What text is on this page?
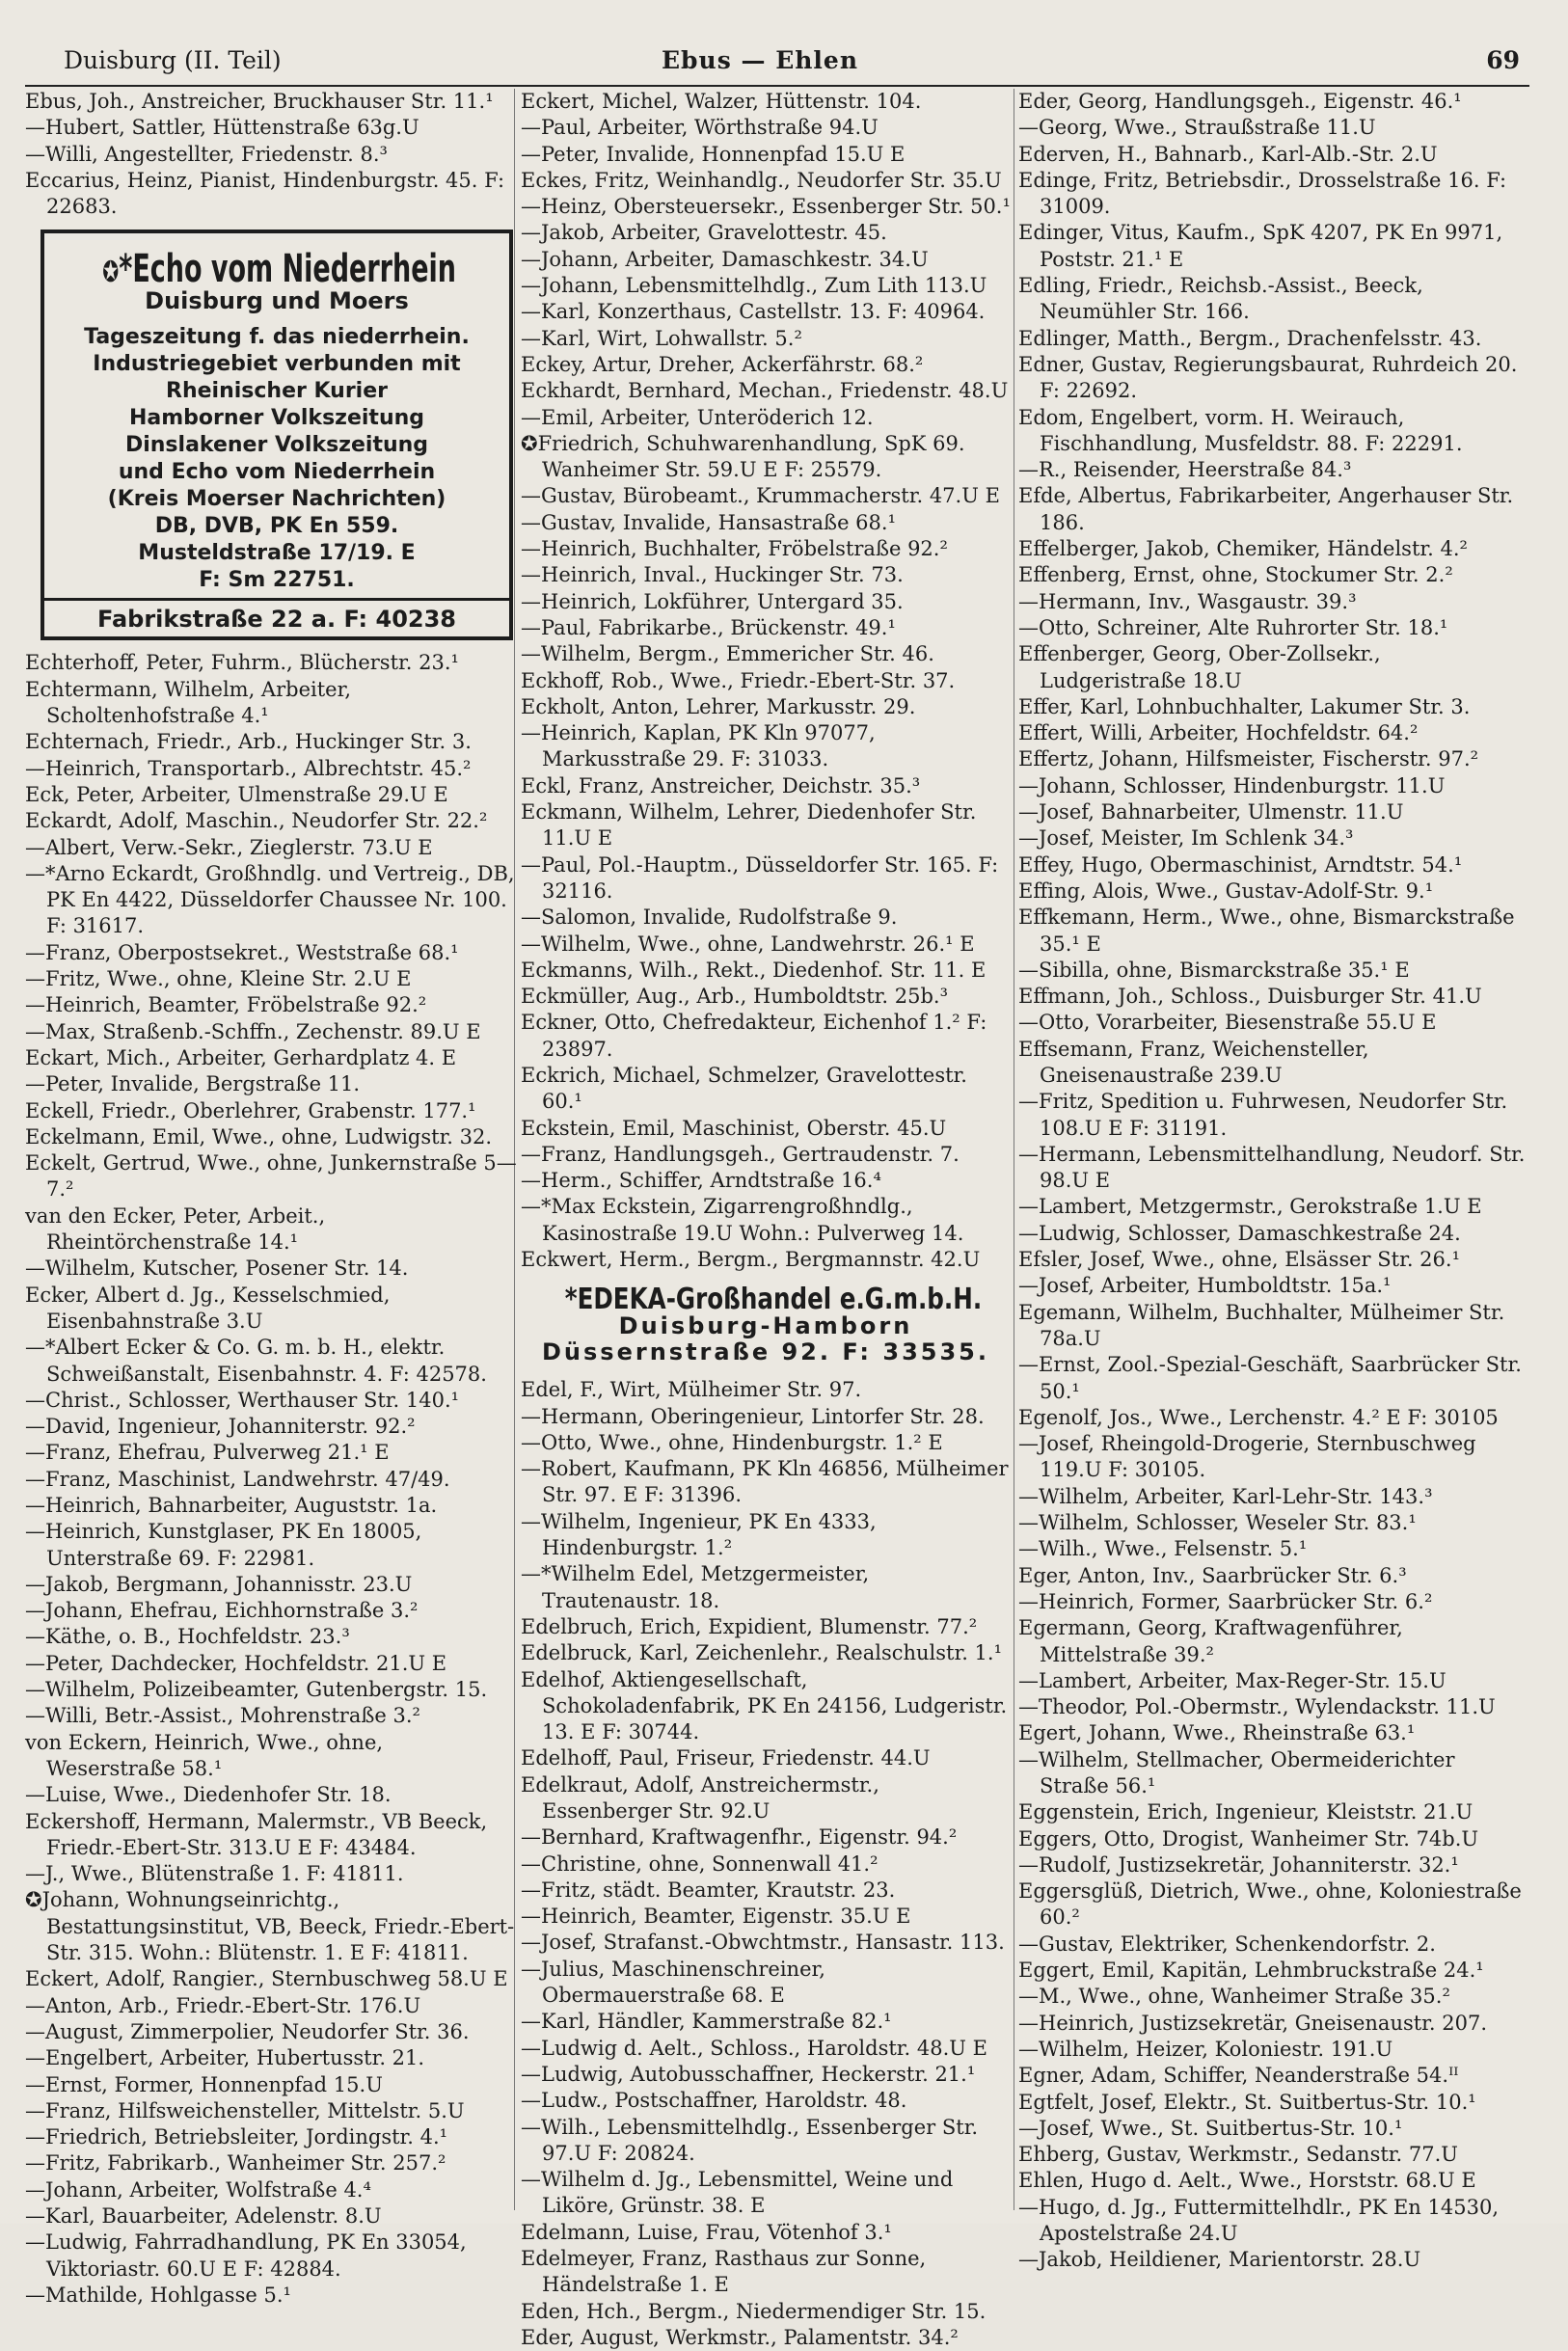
Duisburg (II. Teil)	Ebus — Ehlen	69
Ebus, Joh., Anstreicher, Bruckhauser Str. 11.¹
—Hubert, Sattler, Hüttenstraße 63g.U
—Willi, Angestellter, Friedenstr. 8.³
Eccarius, Heinz, Pianist, Hindenburgstr. 45. F: 22683.
✪*Echo vom Niederrhein
Duisburg und Moers
Tageszeitung f. das niederrhein.
Industriegebiet verbunden mit
Rheinischer Kurier
Hamborner Volkszeitung
Dinslakener Volkszeitung
und Echo vom Niederrhein
(Kreis Moerser Nachrichten)
DB, DVB, PK En 559.
Musteldstraße 17/19. E
F: Sm 22751.
Fabrikstraße 22 a. F: 40238
Echterhoff, Peter, Fuhrm., Blücherstr. 23.¹
Echtermann, Wilhelm, Arbeiter, Scholtenhofstraße 4.¹
Echternach, Friedr., Arb., Huckinger Str. 3.
—Heinrich, Transportarb., Albrechtstr. 45.²
Eck, Peter, Arbeiter, Ulmenstraße 29.U E
Eckardt, Adolf, Maschin., Neudorfer Str. 22.²
—Albert, Verw.-Sekr., Zieglerstr. 73.U E
—*Arno Eckardt, Großhndlg. und Vertreig., DB, PK En 4422, Düsseldorfer Chaussee Nr. 100. F: 31617.
—Franz, Oberpostsekret., Weststraße 68.¹
—Fritz, Wwe., ohne, Kleine Str. 2.U E
—Heinrich, Beamter, Fröbelstraße 92.²
—Max, Straßenb.-Schffn., Zechenstr. 89.U E
Eckart, Mich., Arbeiter, Gerhardplatz 4. E
—Peter, Invalide, Bergstraße 11.
Eckell, Friedr., Oberlehrer, Grabenstr. 177.¹
Eckelmann, Emil, Wwe., ohne, Ludwigstr. 32.
Eckelt, Gertrud, Wwe., ohne, Junkernstraße 5—7.²
van den Ecker, Peter, Arbeit., Rheintörchenstraße 14.¹
—Wilhelm, Kutscher, Posener Str. 14.
Ecker, Albert d. Jg., Kesselschmied, Eisenbahnstraße 3.U
—*Albert Ecker & Co. G. m. b. H., elektr. Schweißanstalt, Eisenbahnstr. 4. F: 42578.
—Christ., Schlosser, Werthauser Str. 140.¹
—David, Ingenieur, Johanniterstr. 92.²
—Franz, Ehefrau, Pulverweg 21.¹ E
—Franz, Maschinist, Landwehrstr. 47/49.
—Heinrich, Bahnarbeiter, Auguststr. 1a.
—Heinrich, Kunstglaser, PK En 18005, Unterstraße 69. F: 22981.
—Jakob, Bergmann, Johannisstr. 23.U
—Johann, Ehefrau, Eichhornstraße 3.²
—Käthe, o. B., Hochfeldstr. 23.³
—Peter, Dachdecker, Hochfeldstr. 21.U E
—Wilhelm, Polizeibeamter, Gutenbergstr. 15.
—Willi, Betr.-Assist., Mohrenstraße 3.²
von Eckern, Heinrich, Wwe., ohne, Weserstraße 58.¹
—Luise, Wwe., Diedenhofer Str. 18.
Eckershoff, Hermann, Malermstr., VB Beeck, Friedr.-Ebert-Str. 313.U E F: 43484.
—J., Wwe., Blütenstraße 1. F: 41811.
✪Johann, Wohnungseinrichtg., Bestattungsinstitut, VB, Beeck, Friedr.-Ebert-Str. 315. Wohn.: Blütenstr. 1. E F: 41811.
Eckert, Adolf, Rangier., Sternbuschweg 58.U E
—Anton, Arb., Friedr.-Ebert-Str. 176.U
—August, Zimmerpolier, Neudorfer Str. 36.
—Engelbert, Arbeiter, Hubertusstr. 21.
—Ernst, Former, Honnenpfad 15.U
—Franz, Hilfsweichensteller, Mittelstr. 5.U
—Friedrich, Betriebsleiter, Jordingstr. 4.¹
—Fritz, Fabrikarb., Wanheimer Str. 257.²
—Johann, Arbeiter, Wolfstraße 4.⁴
—Karl, Bauarbeiter, Adelenstr. 8.U
—Ludwig, Fahrradhandlung, PK En 33054, Viktoriastr. 60.U E F: 42884.
—Mathilde, Hohlgasse 5.¹
Eckert, Michel, Walzer, Hüttenstr. 104.
—Paul, Arbeiter, Wörthstraße 94.U
—Peter, Invalide, Honnenpfad 15.U E
Eckes, Fritz, Weinhandlg., Neudorfer Str. 35.U
—Heinz, Obersteuersekr., Essenberger Str. 50.¹
—Jakob, Arbeiter, Gravelottestr. 45.
—Johann, Arbeiter, Damaschkestr. 34.U
—Johann, Lebensmittelhdlg., Zum Lith 113.U
—Karl, Konzerthaus, Castellstr. 13. F: 40964.
—Karl, Wirt, Lohwallstr. 5.²
Eckey, Artur, Dreher, Ackerfährstr. 68.²
Eckhardt, Bernhard, Mechan., Friedenstr. 48.U
—Emil, Arbeiter, Unteröderich 12.
✪Friedrich, Schuhwarenhandlung, SpK 69. Wanheimer Str. 59.U E F: 25579.
—Gustav, Bürobeamt., Krummacherstr. 47.U E
—Gustav, Invalide, Hansastraße 68.¹
—Heinrich, Buchhalter, Fröbelstraße 92.²
—Heinrich, Inval., Huckinger Str. 73.
—Heinrich, Lokführer, Untergard 35.
—Paul, Fabrikarbe., Brückenstr. 49.¹
—Wilhelm, Bergm., Emmericher Str. 46.
Eckhoff, Rob., Wwe., Friedr.-Ebert-Str. 37.
Eckholt, Anton, Lehrer, Markusstr. 29.
—Heinrich, Kaplan, PK Kln 97077, Markusstraße 29. F: 31033.
Eckl, Franz, Anstreicher, Deichstr. 35.³
Eckmann, Wilhelm, Lehrer, Diedenhofer Str. 11.U E
—Paul, Pol.-Hauptm., Düsseldorfer Str. 165. F: 32116.
—Salomon, Invalide, Rudolfstraße 9.
—Wilhelm, Wwe., ohne, Landwehrstr. 26.¹ E
Eckmanns, Wilh., Rekt., Diedenhof. Str. 11. E
Eckmüller, Aug., Arb., Humboldtstr. 25b.³
Eckner, Otto, Chefredakteur, Eichenhof 1.² F: 23897.
Eckrich, Michael, Schmelzer, Gravelottestr. 60.¹
Eckstein, Emil, Maschinist, Oberstr. 45.U
—Franz, Handlungsgeh., Gertraudenstr. 7.
—Herm., Schiffer, Arndtstraße 16.⁴
—*Max Eckstein, Zigarrengroßhndlg., Kasinostraße 19.U Wohn.: Pulverweg 14.
Eckwert, Herm., Bergm., Bergmannstr. 42.U
*EDEKA-Großhandel e.G.m.b.H.
Duisburg-Hamborn
Düssernstraße 92. F: 33535.
Edel, F., Wirt, Mülheimer Str. 97.
—Hermann, Oberingenieur, Lintorfer Str. 28.
—Otto, Wwe., ohne, Hindenburgstr. 1.² E
—Robert, Kaufmann, PK Kln 46856, Mülheimer Str. 97. E F: 31396.
—Wilhelm, Ingenieur, PK En 4333, Hindenburgstr. 1.²
—*Wilhelm Edel, Metzgermeister, Trautenaustr. 18.
Edelbruch, Erich, Expidient, Blumenstr. 77.²
Edelbruck, Karl, Zeichenlehr., Realschulstr. 1.¹
Edelhof, Aktiengesellschaft, Schokoladenfabrik, PK En 24156, Ludgeristr. 13. E F: 30744.
Edelhoff, Paul, Friseur, Friedenstr. 44.U
Edelkraut, Adolf, Anstreichermstr., Essenberger Str. 92.U
—Bernhard, Kraftwagenfhr., Eigenstr. 94.²
—Christine, ohne, Sonnenwall 41.²
—Fritz, städt. Beamter, Krautstr. 23.
—Heinrich, Beamter, Eigenstr. 35.U E
—Josef, Strafanst.-Obwchtmstr., Hansastr. 113.
—Julius, Maschinenschreiner, Obermauerstraße 68. E
—Karl, Händler, Kammerstraße 82.¹
—Ludwig d. Aelt., Schloss., Haroldstr. 48.U E
—Ludwig, Autobusschaffner, Heckerstr. 21.¹
—Ludw., Postschaffner, Haroldstr. 48.
—Wilh., Lebensmittelhdlg., Essenberger Str. 97.U F: 20824.
—Wilhelm d. Jg., Lebensmittel, Weine und Liköre, Grünstr. 38. E
Edelmann, Luise, Frau, Vötenhof 3.¹
Edelmeyer, Franz, Rasthaus zur Sonne, Händelstraße 1. E
Eden, Hch., Bergm., Niedermendiger Str. 15.
Eder, August, Werkmstr., Palamentstr. 34.²
Eder, Georg, Handlungsgeh., Eigenstr. 46.¹
—Georg, Wwe., Straußstraße 11.U
Ederven, H., Bahnarb., Karl-Alb.-Str. 2.U
Edinge, Fritz, Betriebsdir., Drosselstraße 16. F: 31009.
Edinger, Vitus, Kaufm., SpK 4207, PK En 9971, Poststr. 21.¹ E
Edling, Friedr., Reichsb.-Assist., Beeck, Neumühler Str. 166.
Edlinger, Matth., Bergm., Drachenfelsstr. 43.
Edner, Gustav, Regierungsbaurat, Ruhrdeich 20. F: 22692.
Edom, Engelbert, vorm. H. Weirauch, Fischhandlung, Musfeldstr. 88. F: 22291.
—R., Reisender, Heerstraße 84.³
Efde, Albertus, Fabrikarbeiter, Angerhauser Str. 186.
Effelberger, Jakob, Chemiker, Händelstr. 4.²
Effenberg, Ernst, ohne, Stockumer Str. 2.²
—Hermann, Inv., Wasgaustr. 39.³
—Otto, Schreiner, Alte Ruhrorter Str. 18.¹
Effenberger, Georg, Ober-Zollsekr., Ludgeristraße 18.U
Effer, Karl, Lohnbuchhalter, Lakumer Str. 3.
Effert, Willi, Arbeiter, Hochfeldstr. 64.²
Effertz, Johann, Hilfsmeister, Fischerstr. 97.²
—Johann, Schlosser, Hindenburgstr. 11.U
—Josef, Bahnarbeiter, Ulmenstr. 11.U
—Josef, Meister, Im Schlenk 34.³
Effey, Hugo, Obermaschinist, Arndtstr. 54.¹
Effing, Alois, Wwe., Gustav-Adolf-Str. 9.¹
Effkemann, Herm., Wwe., ohne, Bismarckstraße 35.¹ E
—Sibilla, ohne, Bismarckstraße 35.¹ E
Effmann, Joh., Schloss., Duisburger Str. 41.U
—Otto, Vorarbeiter, Biesenstraße 55.U E
Effsemann, Franz, Weichensteller, Gneisenaustraße 239.U
—Fritz, Spedition u. Fuhrwesen, Neudorfer Str. 108.U E F: 31191.
—Hermann, Lebensmittelhandlung, Neudorf. Str. 98.U E
—Lambert, Metzgermstr., Gerokstraße 1.U E
—Ludwig, Schlosser, Damaschkestraße 24.
Efsler, Josef, Wwe., ohne, Elsässer Str. 26.¹
—Josef, Arbeiter, Humboldtstr. 15a.¹
Egemann, Wilhelm, Buchhalter, Mülheimer Str. 78a.U
—Ernst, Zool.-Spezial-Geschäft, Saarbrücker Str. 50.¹
Egenolf, Jos., Wwe., Lerchenstr. 4.² E F: 30105
—Josef, Rheingold-Drogerie, Sternbuschweg 119.U F: 30105.
—Wilhelm, Arbeiter, Karl-Lehr-Str. 143.³
—Wilhelm, Schlosser, Weseler Str. 83.¹
—Wilh., Wwe., Felsenstr. 5.¹
Eger, Anton, Inv., Saarbrücker Str. 6.³
—Heinrich, Former, Saarbrücker Str. 6.²
Egermann, Georg, Kraftwagenführer, Mittelstraße 39.²
—Lambert, Arbeiter, Max-Reger-Str. 15.U
—Theodor, Pol.-Obermstr., Wylendackstr. 11.U
Egert, Johann, Wwe., Rheinstraße 63.¹
—Wilhelm, Stellmacher, Obermeiderichter Straße 56.¹
Eggenstein, Erich, Ingenieur, Kleiststr. 21.U
Eggers, Otto, Drogist, Wanheimer Str. 74b.U
—Rudolf, Justizsekretär, Johanniterstr. 32.¹
Eggersglüß, Dietrich, Wwe., ohne, Koloniestraße 60.²
—Gustav, Elektriker, Schenkendorfstr. 2.
Eggert, Emil, Kapitän, Lehmbruckstraße 24.¹
—M., Wwe., ohne, Wanheimer Straße 35.²
—Heinrich, Justizsekretär, Gneisenaustr. 207.
—Wilhelm, Heizer, Koloniestr. 191.U
Egner, Adam, Schiffer, Neanderstraße 54.ᴵᴵ
Egtfelt, Josef, Elektr., St. Suitbertus-Str. 10.¹
—Josef, Wwe., St. Suitbertus-Str. 10.¹
Ehberg, Gustav, Werkmstr., Sedanstr. 77.U
Ehlen, Hugo d. Aelt., Wwe., Horststr. 68.U E
—Hugo, d. Jg., Futtermittelhdlr., PK En 14530, Apostelstraße 24.U
—Jakob, Heildiener, Marientorstr. 28.U
